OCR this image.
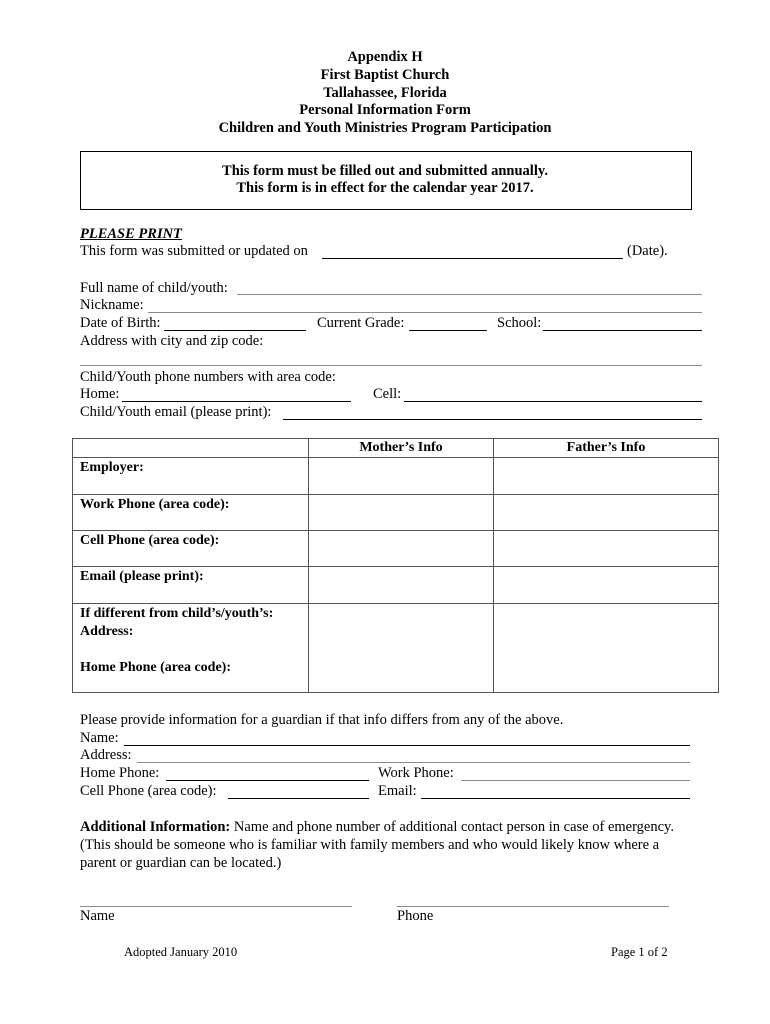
Appendix H
First Baptist Church
Tallahassee, Florida
Personal Information Form
Children and Youth Ministries Program Participation
This form must be filled out and submitted annually.
This form is in effect for the calendar year 2017.
PLEASE PRINT
This form was submitted or updated on	(Date).
Full name of child/youth:
Nickname:
Date of Birth:	Current Grade:	School:
Address with city and zip code:
Child/Youth phone numbers with area code:
Home:	Cell:
Child/Youth email (please print):
	Mother’s Info	Father’s Info
Employer:		
Work Phone (area code):		
Cell Phone (area code):		
Email (please print):		

If different from child’s/youth’s:
Address:
Home Phone (area code):		

Please provide information for a guardian if that info differs from any of the above.
Name:
Address:
Home Phone:	Work Phone:
Cell Phone (area code):	Email:
Additional Information: Name and phone number of additional contact person in case of emergency.
(This should be someone who is familiar with family members and who would likely know where a
parent or guardian can be located.)
Name	Phone
Adopted January 2010	Page 1 of 2
